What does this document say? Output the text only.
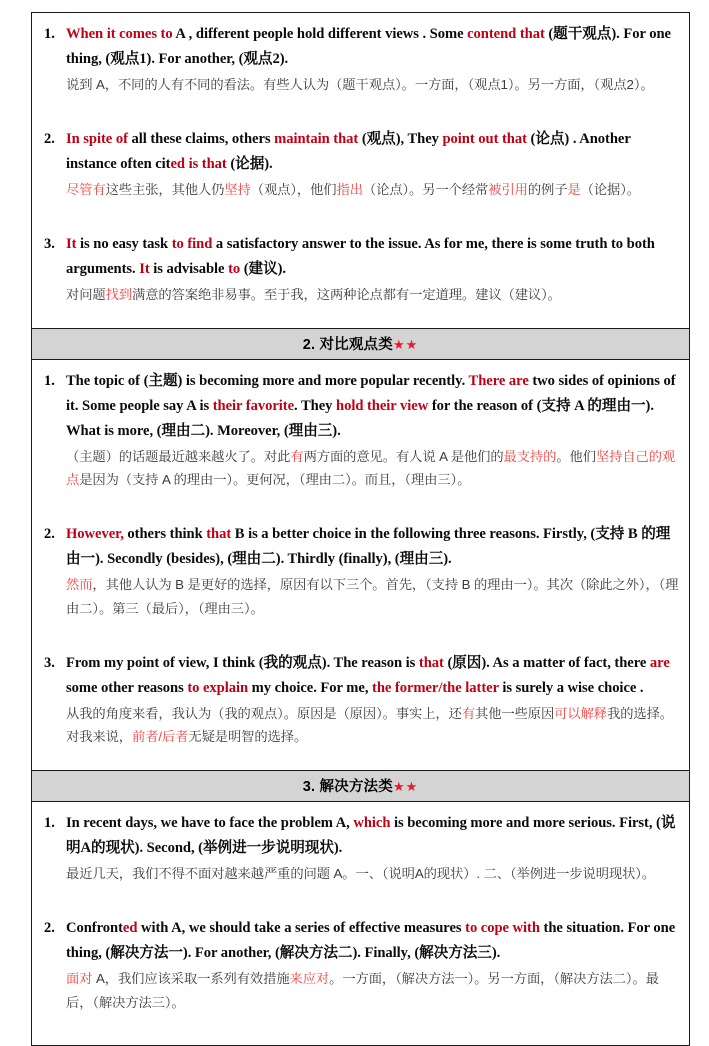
1. When it comes to A , different people hold different views . Some contend that (题干观点). For one thing, (观点1). For another, (观点2).
说到 A，不同的人有不同的看法。有些人认为（题干观点）。一方面，（观点1）。另一方面，（观点2）。
2. In spite of all these claims, others maintain that (观点), They point out that (论点) . Another instance often cited is that (论据).
尽管有这些主张，其他人仍坚持（观点），他们指出（论点）。另一个经常被引用的例子是（论据）。
3. It is no easy task to find a satisfactory answer to the issue. As for me, there is some truth to both arguments. It is advisable to (建议).
对问题找到满意的答案绝非易事。至于我，这两种论点都有一定道理。建议（建议）。
2. 对比观点类★★
1. The topic of (主题) is becoming more and more popular recently. There are two sides of opinions of it. Some people say A is their favorite. They hold their view for the reason of (支持 A 的理由一). What is more, (理由二). Moreover, (理由三).
（主题）的话题最近越来越火了。对此有两方面的意见。有人说 A 是他们的最支持的。他们坚持自己的观点是因为（支持 A 的理由一）。更何况，（理由二）。而且，（理由三）。
2. However, others think that B is a better choice in the following three reasons. Firstly, (支持 B 的理由一). Secondly (besides), (理由二). Thirdly (finally), (理由三).
然而，其他人认为 B 是更好的选择，原因有以下三个。首先，（支持 B 的理由一）。其次（除此之外），（理由二）。第三（最后），（理由三）。
3. From my point of view, I think (我的观点). The reason is that (原因). As a matter of fact, there are some other reasons to explain my choice. For me, the former/the latter is surely a wise choice .
从我的角度来看，我认为（我的观点）。原因是（原因）。事实上，还有其他一些原因可以解释我的选择。对我来说，前者/后者无疑是明智的选择。
3. 解决方法类★★
1. In recent days, we have to face the problem A, which is becoming more and more serious. First, (说明A的现状). Second, (举例进一步说明现状).
最近几天，我们不得不面对越来越严重的问题 A。一、（说明A的现状）. 二、（举例进一步说明现状）。
2. Confronted with A, we should take a series of effective measures to cope with the situation. For one thing, (解决方法一). For another, (解决方法二). Finally, (解决方法三).
面对 A，我们应该采取一系列有效措施来应对。一方面，（解决方法一）。另一方面，（解决方法二）。最后，（解决方法三）。
